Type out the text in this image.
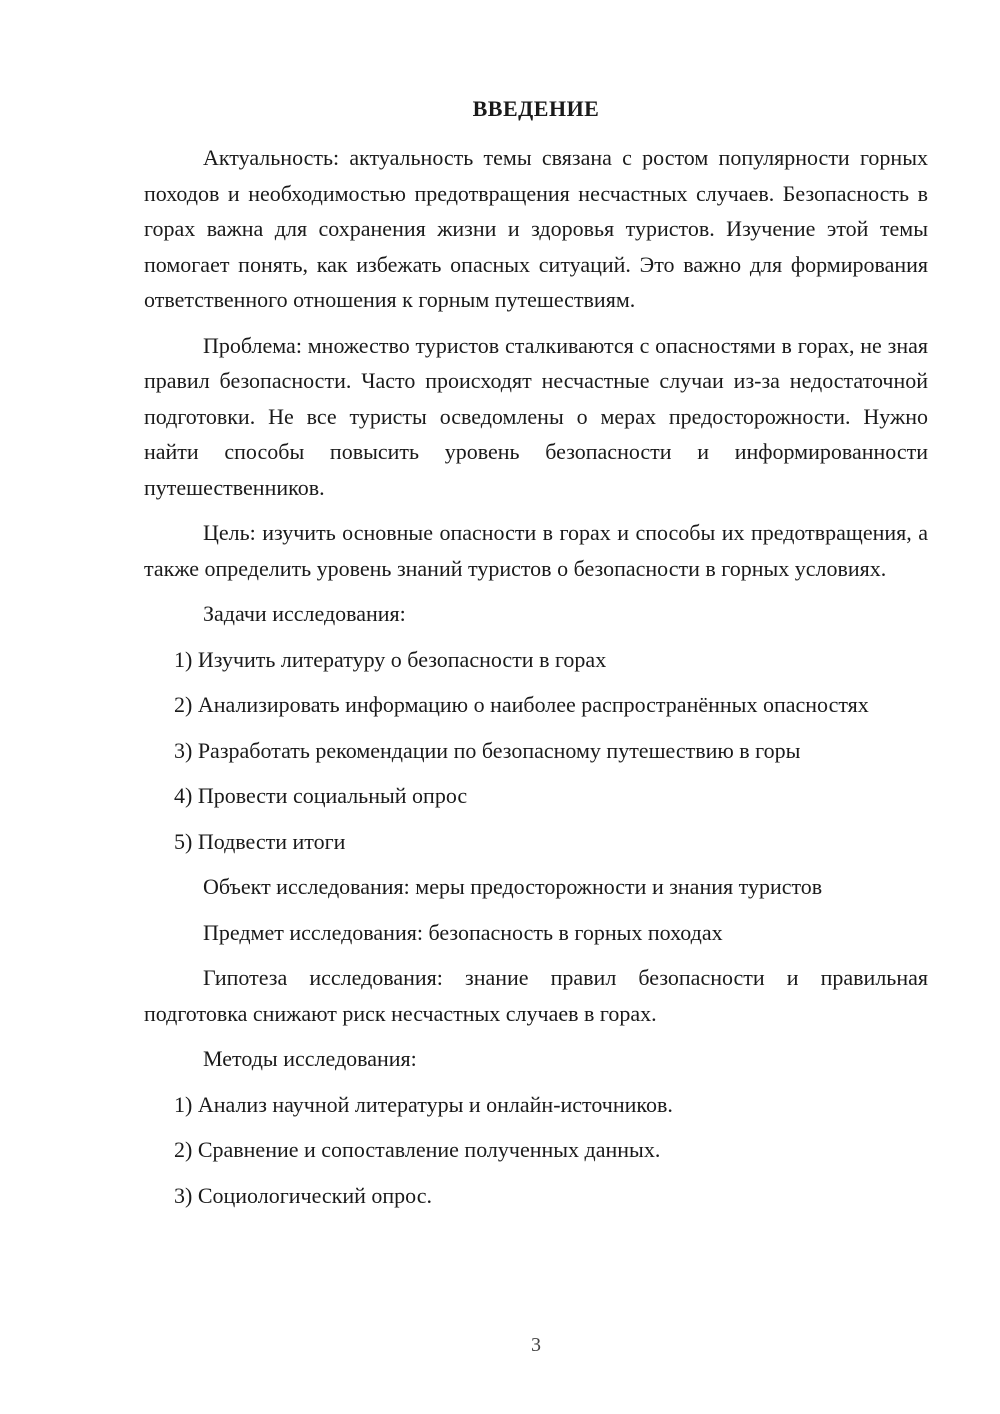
ВВЕДЕНИЕ

Актуальность: актуальность темы связана с ростом популярности горных походов и необходимостью предотвращения несчастных случаев. Безопасность в горах важна для сохранения жизни и здоровья туристов. Изучение этой темы помогает понять, как избежать опасных ситуаций. Это важно для формирования ответственного отношения к горным путешествиям.

Проблема: множество туристов сталкиваются с опасностями в горах, не зная правил безопасности. Часто происходят несчастные случаи из-за недостаточной подготовки. Не все туристы осведомлены о мерах предосторожности. Нужно найти способы повысить уровень безопасности и информированности путешественников.

Цель: изучить основные опасности в горах и способы их предотвращения, а также определить уровень знаний туристов о безопасности в горных условиях.

Задачи исследования:

1) Изучить литературу о безопасности в горах

2) Анализировать информацию о наиболее распространённых опасностях

3) Разработать рекомендации по безопасному путешествию в горы

4) Провести социальный опрос

5) Подвести итоги

Объект исследования: меры предосторожности и знания туристов

Предмет исследования: безопасность в горных походах

Гипотеза исследования: знание правил безопасности и правильная подготовка снижают риск несчастных случаев в горах.

Методы исследования:

1) Анализ научной литературы и онлайн-источников.

2) Сравнение и сопоставление полученных данных.

3) Социологический опрос.

3
